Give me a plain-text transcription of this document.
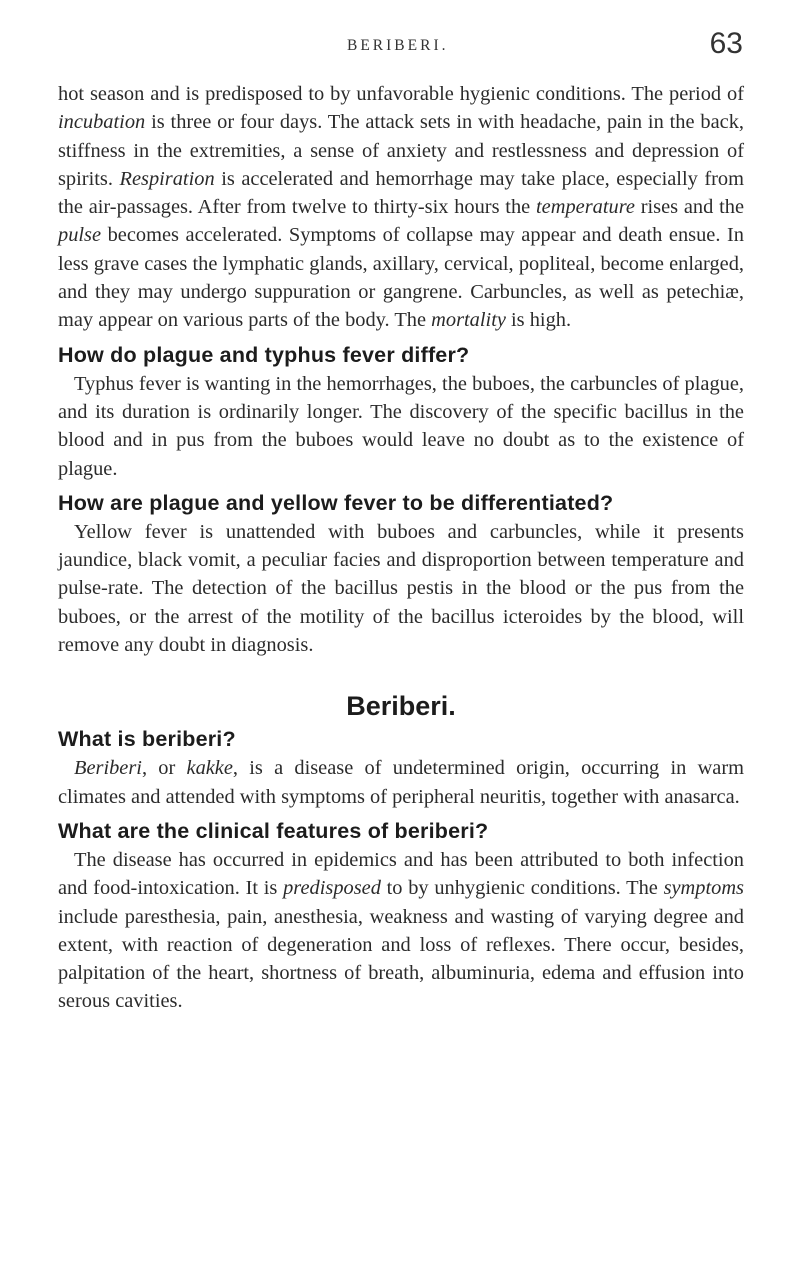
BERIBERI.	63

hot season and is predisposed to by unfavorable hygienic conditions. The period of incubation is three or four days. The attack sets in with headache, pain in the back, stiffness in the extremities, a sense of anxiety and restlessness and depression of spirits. Respiration is accelerated and hemorrhage may take place, especially from the air-passages. After from twelve to thirty-six hours the temperature rises and the pulse becomes accelerated. Symptoms of collapse may appear and death ensue. In less grave cases the lymphatic glands, axillary, cervical, popliteal, become enlarged, and they may undergo suppuration or gangrene. Carbuncles, as well as petechiæ, may appear on various parts of the body. The mortality is high.

How do plague and typhus fever differ?

Typhus fever is wanting in the hemorrhages, the buboes, the carbuncles of plague, and its duration is ordinarily longer. The discovery of the specific bacillus in the blood and in pus from the buboes would leave no doubt as to the existence of plague.

How are plague and yellow fever to be differentiated?

Yellow fever is unattended with buboes and carbuncles, while it presents jaundice, black vomit, a peculiar facies and disproportion between temperature and pulse-rate. The detection of the bacillus pestis in the blood or the pus from the buboes, or the arrest of the motility of the bacillus icteroides by the blood, will remove any doubt in diagnosis.

Beriberi.
What is beriberi?

Beriberi, or kakke, is a disease of undetermined origin, occurring in warm climates and attended with symptoms of peripheral neuritis, together with anasarca.

What are the clinical features of beriberi?

The disease has occurred in epidemics and has been attributed to both infection and food-intoxication. It is predisposed to by unhygienic conditions. The symptoms include paresthesia, pain, anesthesia, weakness and wasting of varying degree and extent, with reaction of degeneration and loss of reflexes. There occur, besides, palpitation of the heart, shortness of breath, albuminuria, edema and effusion into serous cavities.
